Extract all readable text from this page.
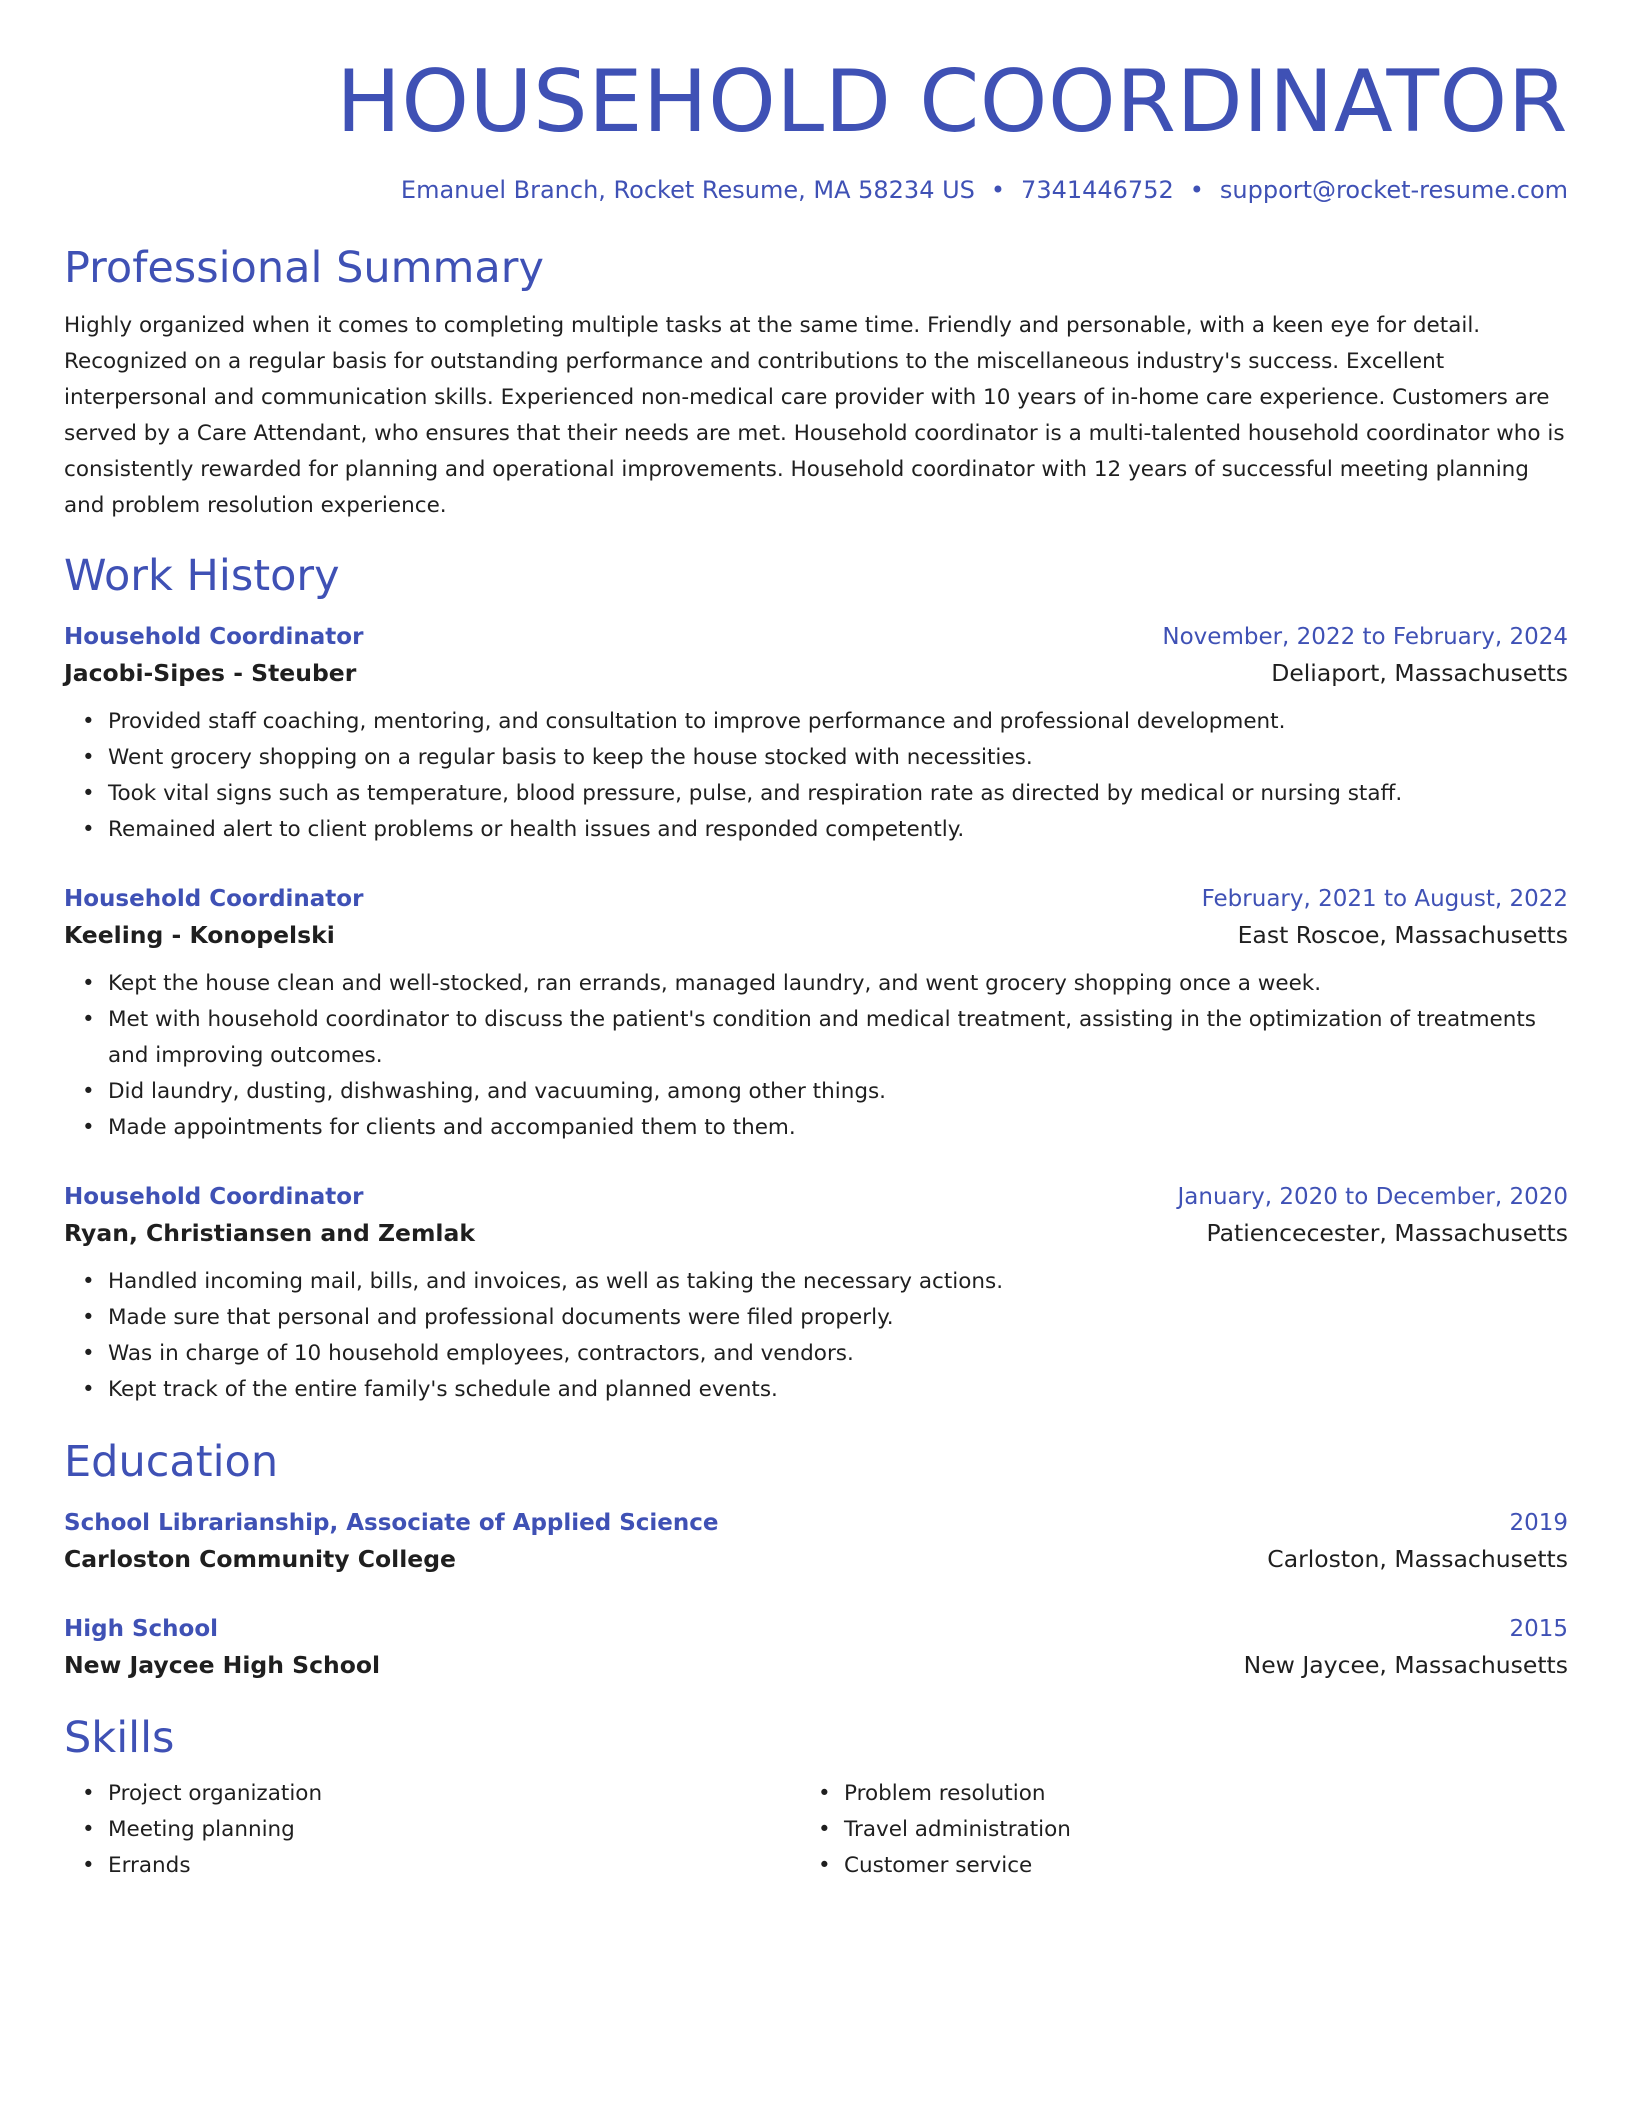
HOUSEHOLD COORDINATOR
Emanuel Branch, Rocket Resume, MA 58234 US • 7341446752 • support@rocket-resume.com
Professional Summary
Highly organized when it comes to completing multiple tasks at the same time. Friendly and personable, with a keen eye for detail. Recognized on a regular basis for outstanding performance and contributions to the miscellaneous industry's success. Excellent interpersonal and communication skills. Experienced non-medical care provider with 10 years of in-home care experience. Customers are served by a Care Attendant, who ensures that their needs are met. Household coordinator is a multi-talented household coordinator who is consistently rewarded for planning and operational improvements. Household coordinator with 12 years of successful meeting planning and problem resolution experience.
Work History
Household Coordinator	November, 2022 to February, 2024
Jacobi-Sipes - Steuber	Deliaport, Massachusetts
• Provided staff coaching, mentoring, and consultation to improve performance and professional development.
• Went grocery shopping on a regular basis to keep the house stocked with necessities.
• Took vital signs such as temperature, blood pressure, pulse, and respiration rate as directed by medical or nursing staff.
• Remained alert to client problems or health issues and responded competently.
Household Coordinator	February, 2021 to August, 2022
Keeling - Konopelski	East Roscoe, Massachusetts
• Kept the house clean and well-stocked, ran errands, managed laundry, and went grocery shopping once a week.
• Met with household coordinator to discuss the patient's condition and medical treatment, assisting in the optimization of treatments and improving outcomes.
• Did laundry, dusting, dishwashing, and vacuuming, among other things.
• Made appointments for clients and accompanied them to them.
Household Coordinator	January, 2020 to December, 2020
Ryan, Christiansen and Zemlak	Patiencecester, Massachusetts
• Handled incoming mail, bills, and invoices, as well as taking the necessary actions.
• Made sure that personal and professional documents were filed properly.
• Was in charge of 10 household employees, contractors, and vendors.
• Kept track of the entire family's schedule and planned events.
Education
School Librarianship, Associate of Applied Science	2019
Carloston Community College	Carloston, Massachusetts
High School	2015
New Jaycee High School	New Jaycee, Massachusetts
Skills
• Project organization
• Meeting planning
• Errands
• Problem resolution
• Travel administration
• Customer service
